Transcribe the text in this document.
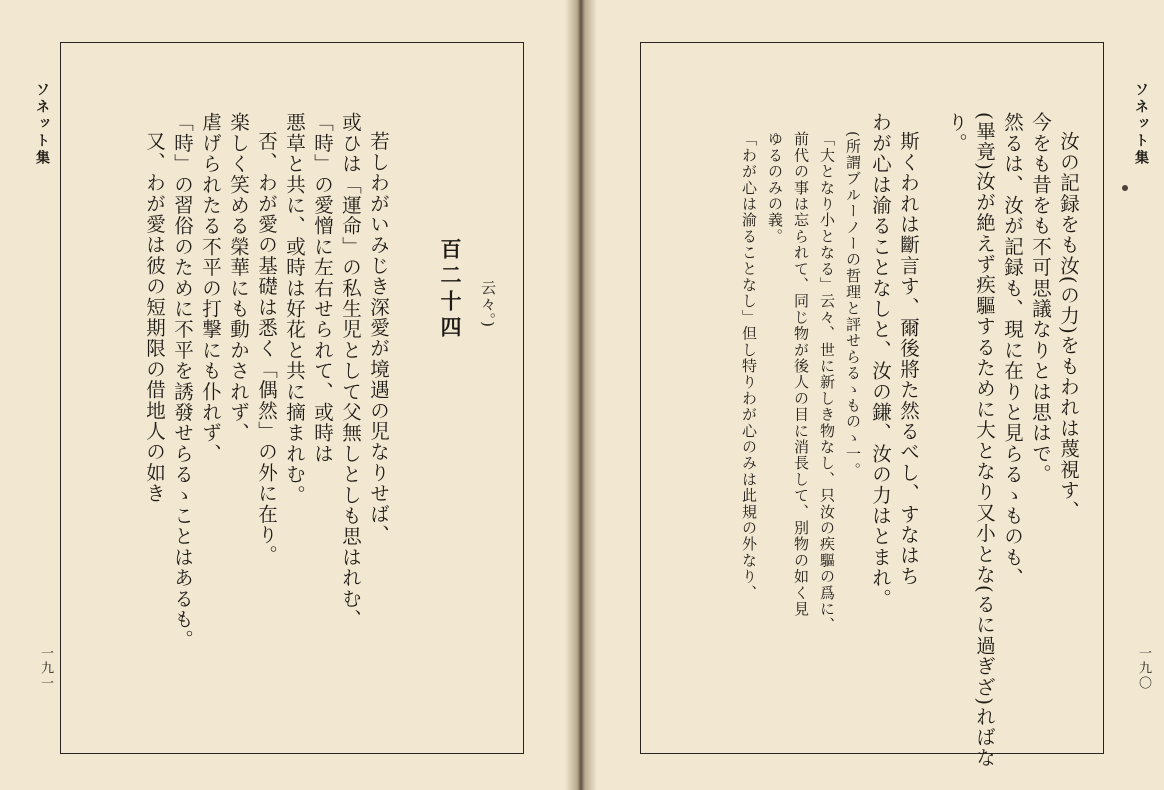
ソネット集
一九一
ソネット集
一九〇
云々。)
百二十四
若しわがいみじき深愛が境遇の児なりせば、
或ひは「運命」の私生児として父無しとしも思はれむ、
「時」の愛憎に左右せられて、或時は
悪草と共に、或時は好花と共に摘まれむ。
否、わが愛の基礎は悉く「偶然」の外に在り。
楽しく笑める榮華にも動かされず、
虐げられたる不平の打撃にも仆れず、
「時」の習俗のために不平を誘發せらるゝことはあるも。
又、わが愛は彼の短期限の借地人の如き	汝の記録をも汝(の力)をもわれは蔑視す、
今をも昔をも不可思議なりとは思はで。
然るは、汝が記録も、現に在りと見らるゝものも、
(畢竟)汝が絶えず疾驅するために大となり又小とな(るに過ぎざ)ればな
り。
斯くわれは斷言す、爾後將た然るべし、すなはち
わが心は渝ることなしと、汝の鎌、汝の力はとまれ。
(所謂ブルーノーの哲理と評せらるゝものゝ一。
「大となり小となる」云々、世に新しき物なし、只汝の疾驅の爲に、
前代の事は忘られて、同じ物が後人の目に消長して、別物の如く見
ゆるのみの義。
「わが心は渝ることなし」但し特りわが心のみは此規の外なり、
